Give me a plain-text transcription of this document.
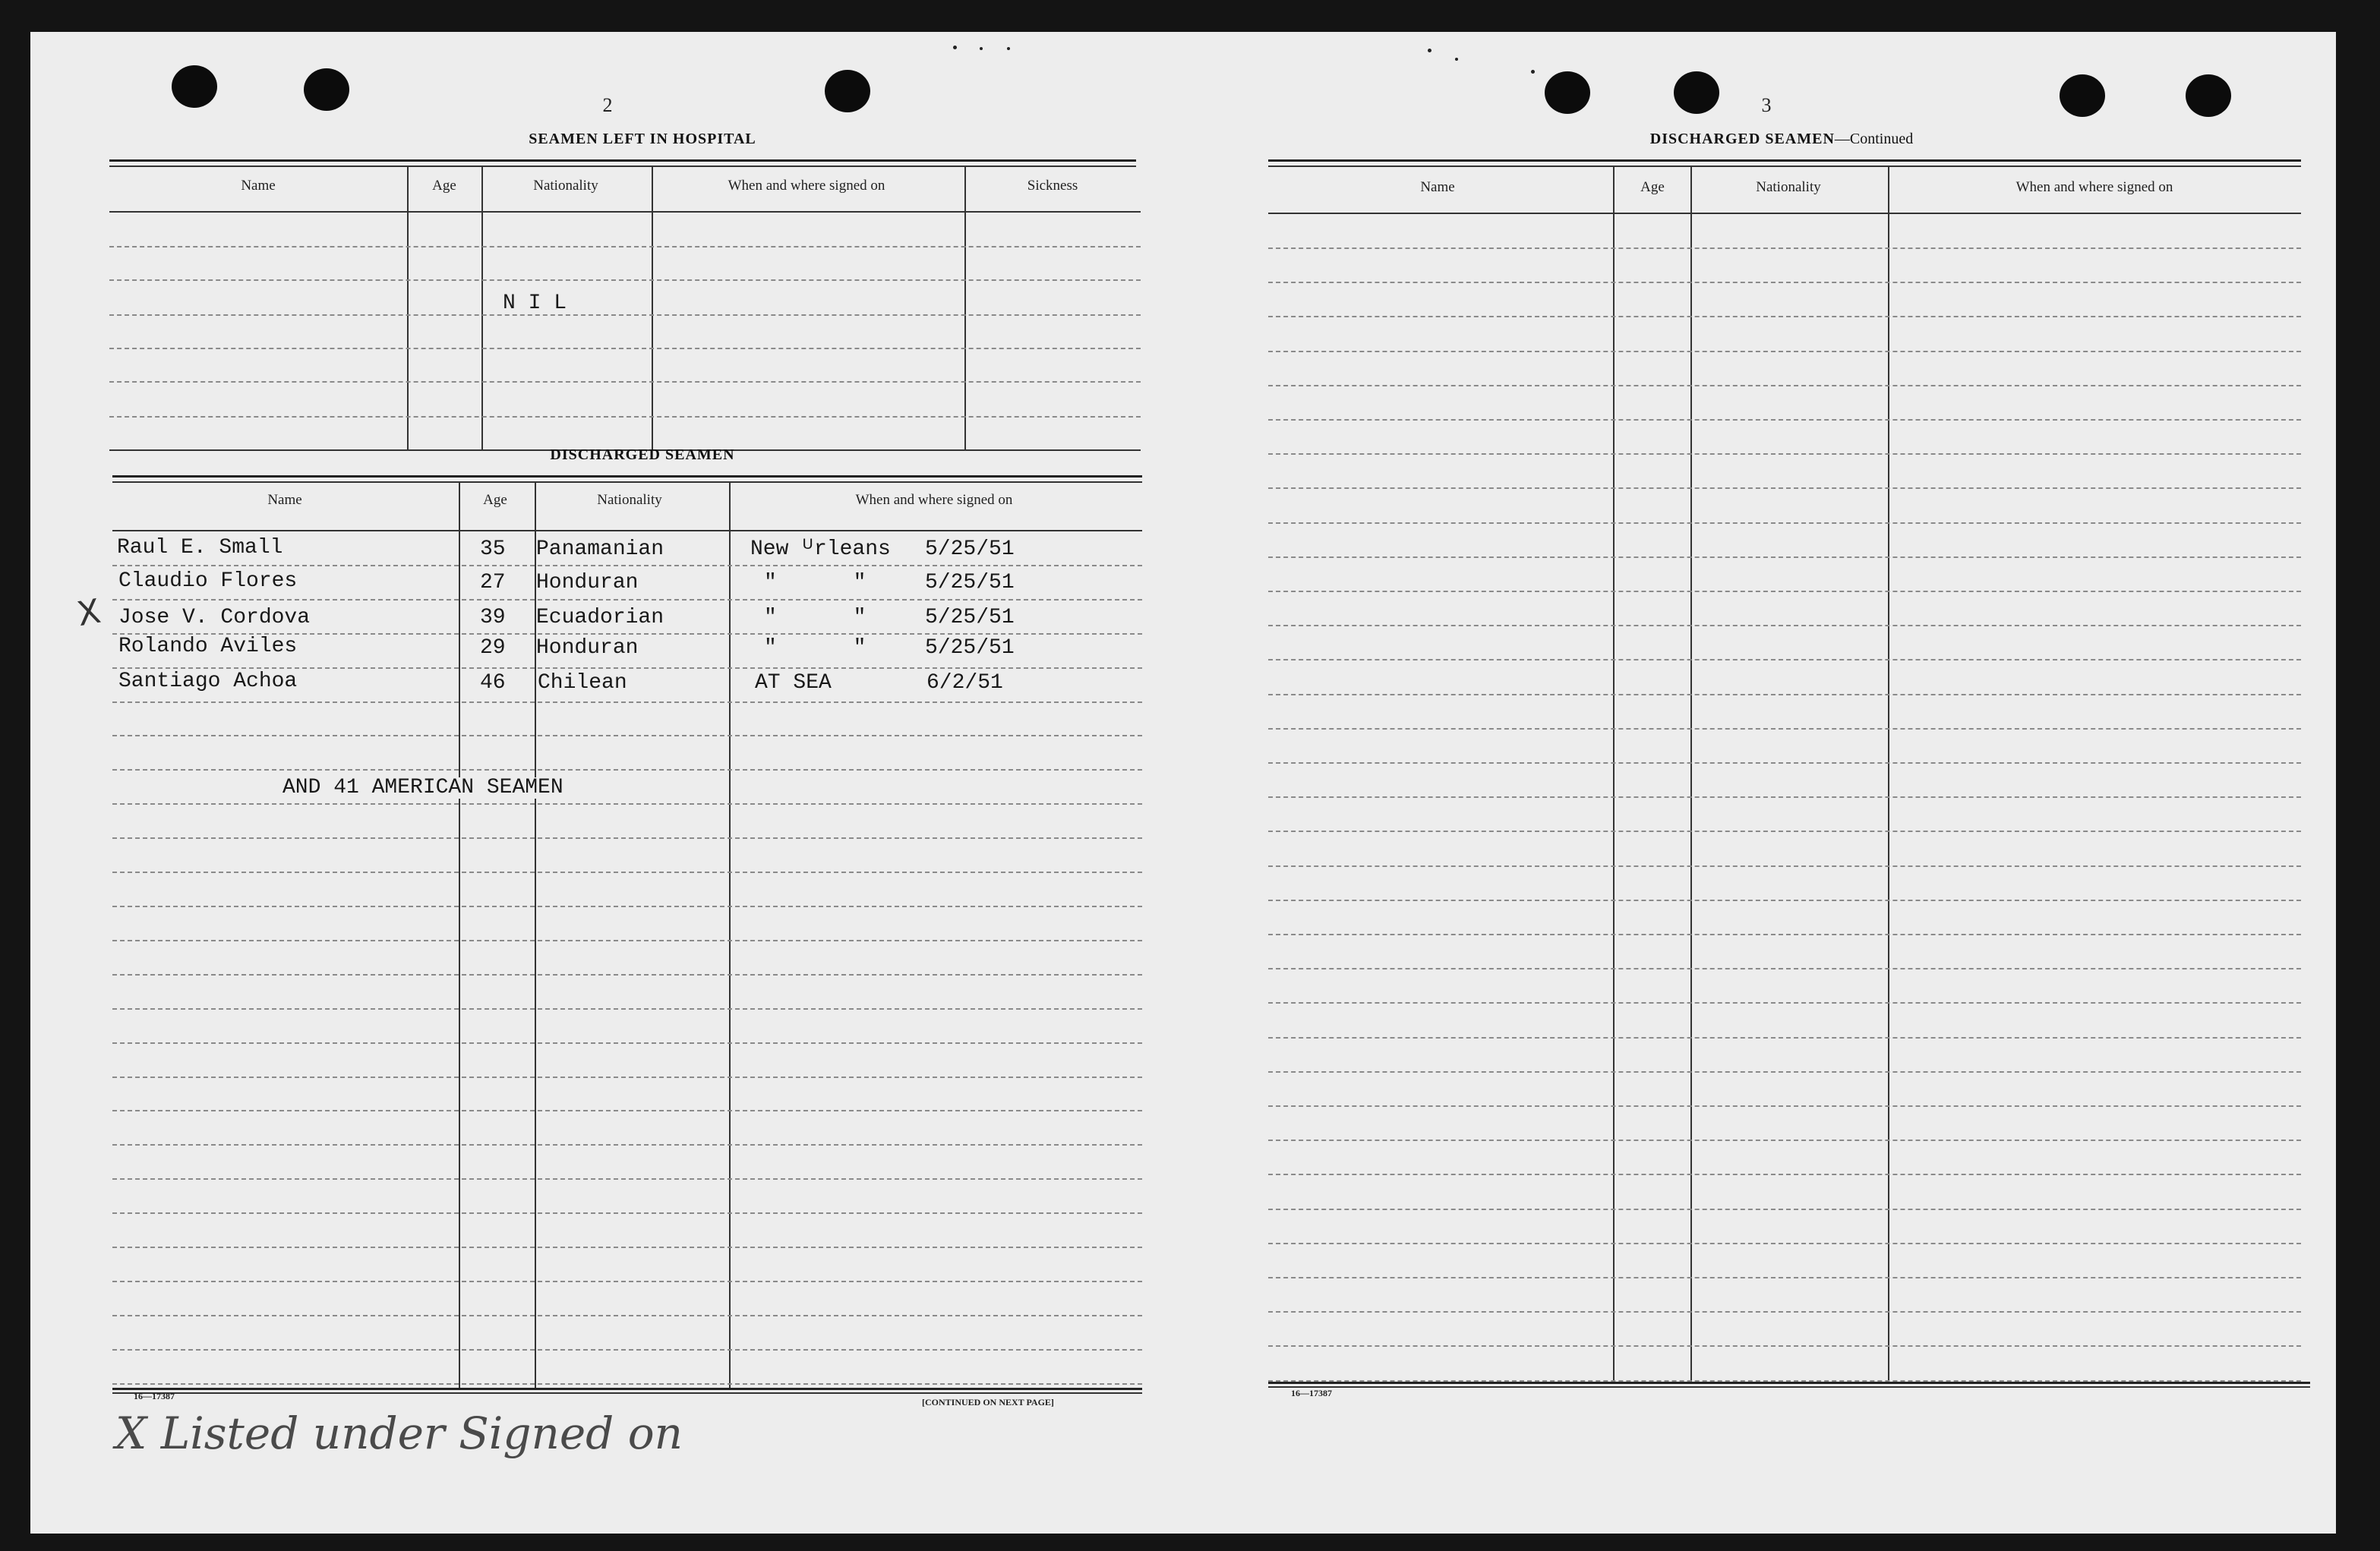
2
SEAMEN LEFT IN HOSPITAL
Name	Age	Nationality	When and where signed on	Sickness
N I L
DISCHARGED SEAMEN
Name	Age	Nationality	When and where signed on
Raul E. Small	35 Panamanian	New ᵁrleans 5/25/51
Claudio Flores	27 Honduran	"      "	5/25/51
X Jose V. Cordova	39 Ecuadorian	"      "	5/25/51
Rolando Aviles	29 Honduran	"      "	5/25/51
Santiago Achoa	46 Chilean	AT SEA	6/2/51
AND 41 AMERICAN SEAMEN
16—17387
[CONTINUED ON NEXT PAGE]
X Listed under Signed on
3
DISCHARGED SEAMEN—Continued
Name	Age	Nationality	When and where signed on
16—17387
